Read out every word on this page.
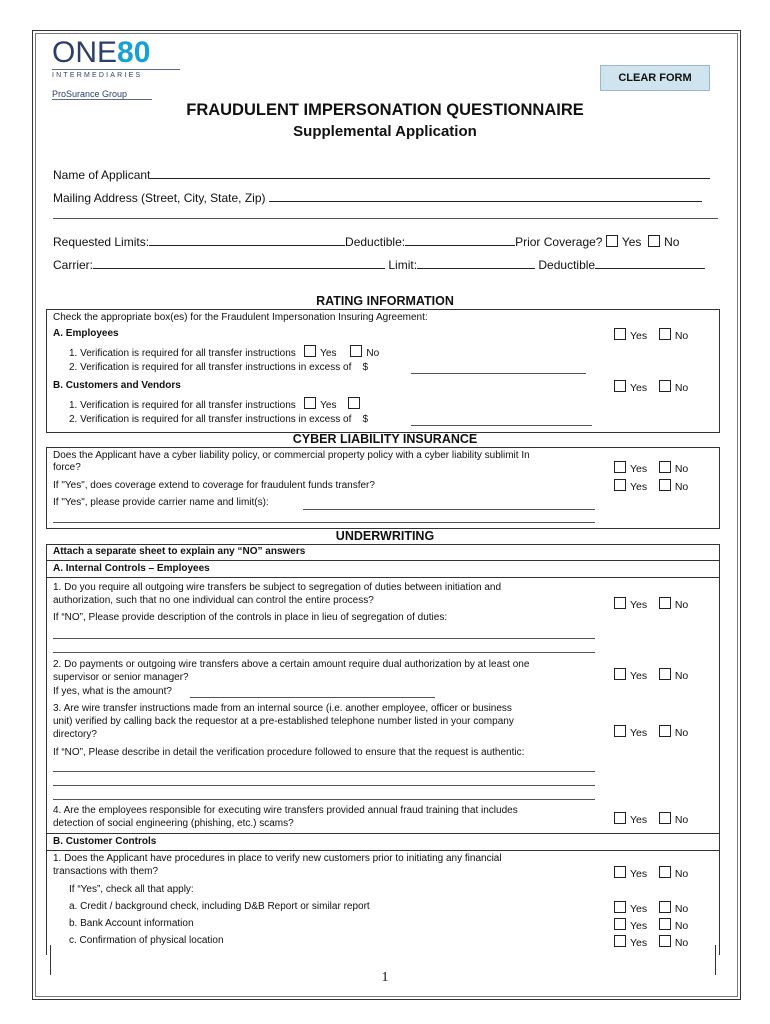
ONE80
INTERMEDIARIES
ProSurance Group
CLEAR FORM
FRAUDULENT IMPERSONATION QUESTIONNAIRE
Supplemental Application
Name of Applicant
Mailing Address (Street, City, State, Zip)
Requested Limits:	Deductible:	Prior Coverage? Yes No
Carrier:	Limit:	Deductible
RATING INFORMATION
Check the appropriate box(es) for the Fraudulent Impersonation Insuring Agreement:
A. Employees	Yes	No
1. Verification is required for all transfer instructions Yes	No
2. Verification is required for all transfer instructions in excess of $
B. Customers and Vendors	Yes	No
1. Verification is required for all transfer instructions Yes
2. Verification is required for all transfer instructions in excess of $
CYBER LIABILITY INSURANCE
Does the Applicant have a cyber liability policy, or commercial property policy with a cyber liability sublimit In
force?	Yes	No
If "Yes", does coverage extend to coverage for fraudulent funds transfer?	Yes	No
If "Yes", please provide carrier name and limit(s):
UNDERWRITING
Attach a separate sheet to explain any “NO” answers
A. Internal Controls – Employees
1. Do you require all outgoing wire transfers be subject to segregation of duties between initiation and
authorization, such that no one individual can control the entire process?	Yes	No
If “NO”, Please provide description of the controls in place in lieu of segregation of duties:
2. Do payments or outgoing wire transfers above a certain amount require dual authorization by at least one
supervisor or senior manager?	Yes	No
If yes, what is the amount?
3. Are wire transfer instructions made from an internal source (i.e. another employee, officer or business
unit) verified by calling back the requestor at a pre-established telephone number listed in your company
directory?	Yes	No
If “NO”, Please describe in detail the verification procedure followed to ensure that the request is authentic:
4. Are the employees responsible for executing wire transfers provided annual fraud training that includes
detection of social engineering (phishing, etc.) scams?	Yes	No
B. Customer Controls
1. Does the Applicant have procedures in place to verify new customers prior to initiating any financial
transactions with them?	Yes	No
If “Yes”, check all that apply:
a. Credit / background check, including D&B Report or similar report	Yes	No
b. Bank Account information	Yes	No
c. Confirmation of physical location	Yes	No
1
